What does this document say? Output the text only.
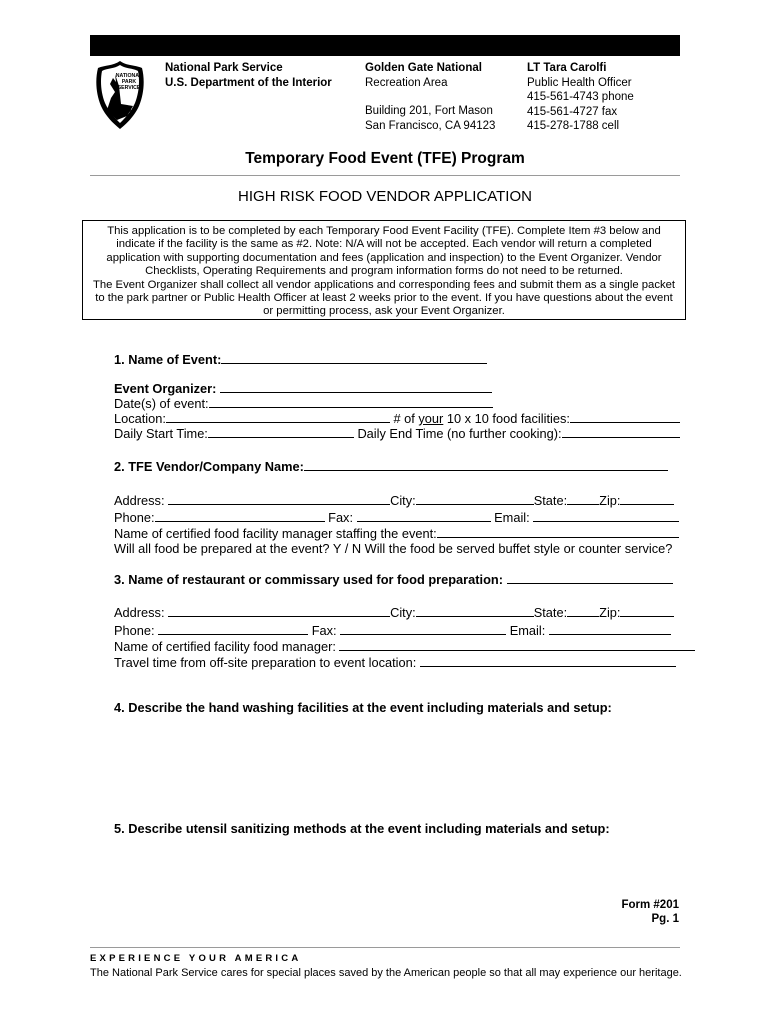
NATIONAL
PARK
SERVICE
National Park Service
U.S. Department of the Interior
Golden Gate National
Recreation Area
Building 201, Fort Mason
San Francisco, CA 94123
LT Tara Carolfi
Public Health Officer
415-561-4743 phone
415-561-4727 fax
415-278-1788 cell
Temporary Food Event (TFE) Program
HIGH RISK FOOD VENDOR APPLICATION
This application is to be completed by each Temporary Food Event Facility (TFE). Complete Item #3 below and
indicate if the facility is the same as #2. Note: N/A will not be accepted. Each vendor will return a completed
application with supporting documentation and fees (application and inspection) to the Event Organizer. Vendor
Checklists, Operating Requirements and program information forms do not need to be returned.
The Event Organizer shall collect all vendor applications and corresponding fees and submit them as a single packet
to the park partner or Public Health Officer at least 2 weeks prior to the event. If you have questions about the event
or permitting process, ask your Event Organizer.
1. Name of Event:
Event Organizer:
Date(s) of event:
Location:	# of your 10 x 10 food facilities:
Daily Start Time:	Daily End Time (no further cooking):
2. TFE Vendor/Company Name:
Address:	City:	State:	Zip:
Phone:	Fax:	Email:
Name of certified food facility manager staffing the event:
Will all food be prepared at the event? Y / N Will the food be served buffet style or counter service?
3. Name of restaurant or commissary used for food preparation:
Address:	City:	State:	Zip:
Phone:	Fax:	Email:
Name of certified facility food manager:
Travel time from off-site preparation to event location:
4. Describe the hand washing facilities at the event including materials and setup:
5. Describe utensil sanitizing methods at the event including materials and setup:
Form #201
Pg. 1
EXPERIENCE YOUR AMERICA
The National Park Service cares for special places saved by the American people so that all may experience our heritage.
